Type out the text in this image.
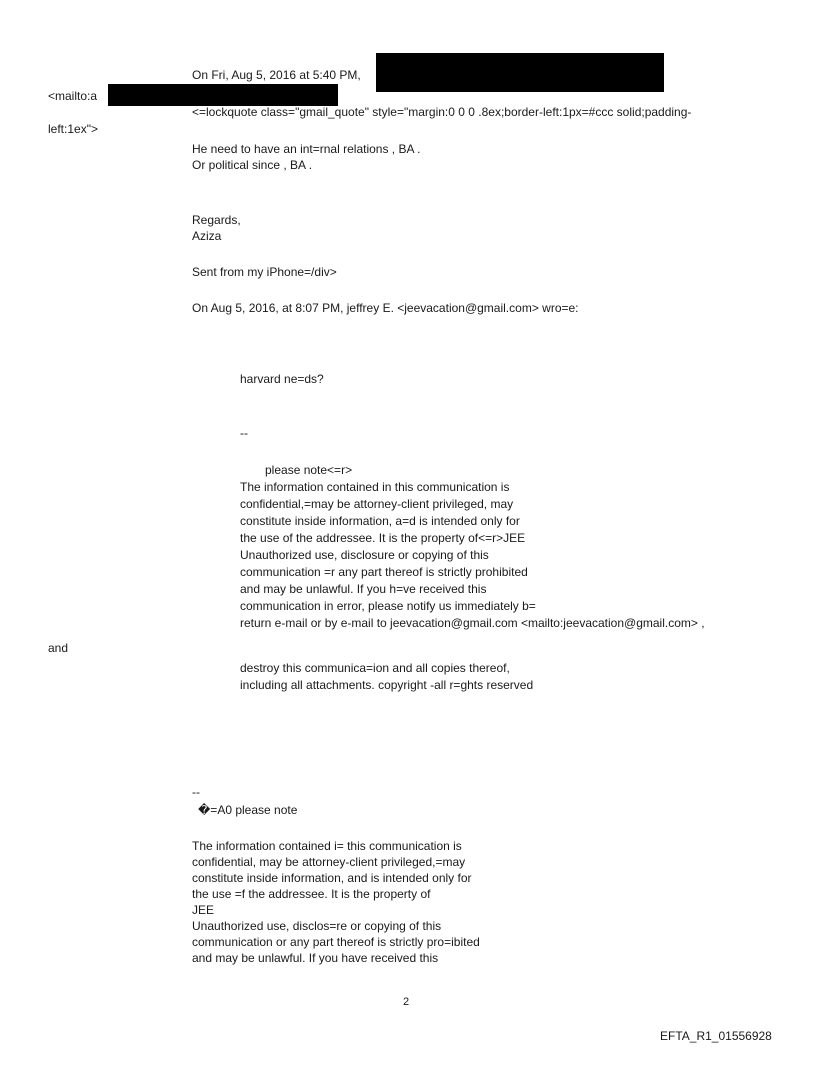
On Fri, Aug 5, 2016 at 5:40 PM,
<mailto:a
<=lockquote class="gmail_quote" style="margin:0 0 0 .8ex;border-left:1px=#ccc solid;padding-
left:1ex">
He need to have an int=rnal relations , BA .
Or political since , BA .
Regards,
Aziza
Sent from my iPhone=/div>
On Aug 5, 2016, at 8:07 PM, jeffrey E. <jeevacation@gmail.com> wro=e:
harvard ne=ds?
--
please note<=r>
The information contained in this communication is
confidential,=may be attorney-client privileged, may
constitute inside information, a=d is intended only for
the use of the addressee. It is the property of<=r>JEE
Unauthorized use, disclosure or copying of this
communication =r any part thereof is strictly prohibited
and may be unlawful. If you h=ve received this
communication in error, please notify us immediately b=
return e-mail or by e-mail to jeevacation@gmail.com <mailto:jeevacation@gmail.com> ,
and
destroy this communica=ion and all copies thereof,
including all attachments. copyright -all r=ghts reserved
--
�=A0 please note
The information contained i= this communication is
confidential, may be attorney-client privileged,=may
constitute inside information, and is intended only for
the use =f the addressee. It is the property of
JEE
Unauthorized use, disclos=re or copying of this
communication or any part thereof is strictly pro=ibited
and may be unlawful. If you have received this
2
EFTA_R1_01556928
